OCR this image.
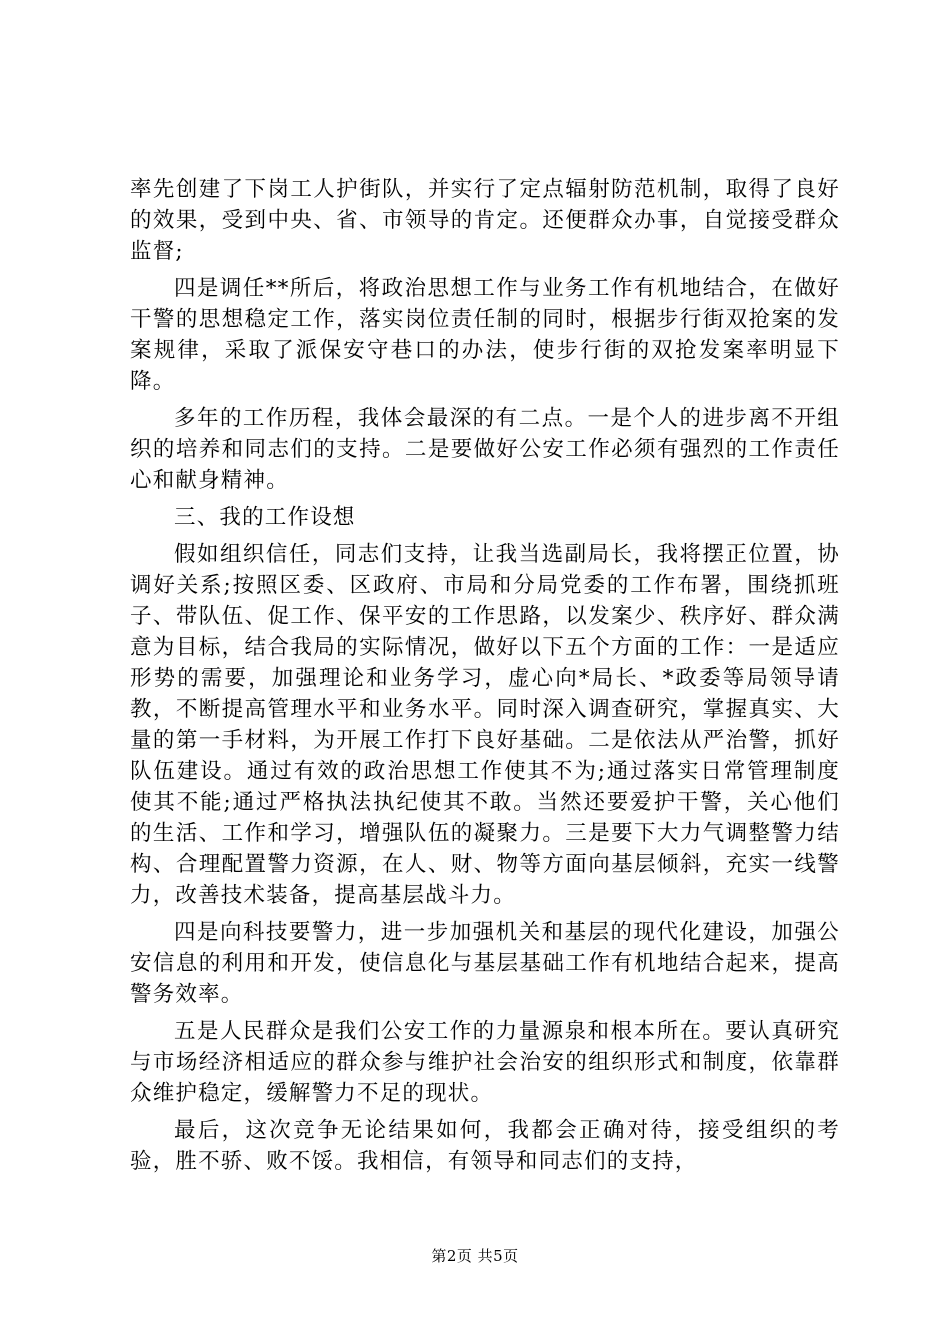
率先创建了下岗工人护街队，并实行了定点辐射防范机制，取得了良好的效果，受到中央、省、市领导的肯定。还便群众办事，自觉接受群众监督;

四是调任**所后，将政治思想工作与业务工作有机地结合，在做好干警的思想稳定工作，落实岗位责任制的同时，根据步行街双抢案的发案规律，采取了派保安守巷口的办法，使步行街的双抢发案率明显下降。

多年的工作历程，我体会最深的有二点。一是个人的进步离不开组织的培养和同志们的支持。二是要做好公安工作必须有强烈的工作责任心和献身精神。

三、我的工作设想

假如组织信任，同志们支持，让我当选副局长，我将摆正位置，协调好关系;按照区委、区政府、市局和分局党委的工作布署，围绕抓班子、带队伍、促工作、保平安的工作思路，以发案少、秩序好、群众满意为目标，结合我局的实际情况，做好以下五个方面的工作：一是适应形势的需要，加强理论和业务学习，虚心向*局长、*政委等局领导请教，不断提高管理水平和业务水平。同时深入调查研究，掌握真实、大量的第一手材料，为开展工作打下良好基础。二是依法从严治警，抓好队伍建设。通过有效的政治思想工作使其不为;通过落实日常管理制度使其不能;通过严格执法执纪使其不敢。当然还要爱护干警，关心他们的生活、工作和学习，增强队伍的凝聚力。三是要下大力气调整警力结构、合理配置警力资源，在人、财、物等方面向基层倾斜，充实一线警力，改善技术装备，提高基层战斗力。

四是向科技要警力，进一步加强机关和基层的现代化建设，加强公安信息的利用和开发，使信息化与基层基础工作有机地结合起来，提高警务效率。

五是人民群众是我们公安工作的力量源泉和根本所在。要认真研究与市场经济相适应的群众参与维护社会治安的组织形式和制度，依靠群众维护稳定，缓解警力不足的现状。

最后，这次竞争无论结果如何，我都会正确对待，接受组织的考验，胜不骄、败不馁。我相信，有领导和同志们的支持，

第2页 共5页
